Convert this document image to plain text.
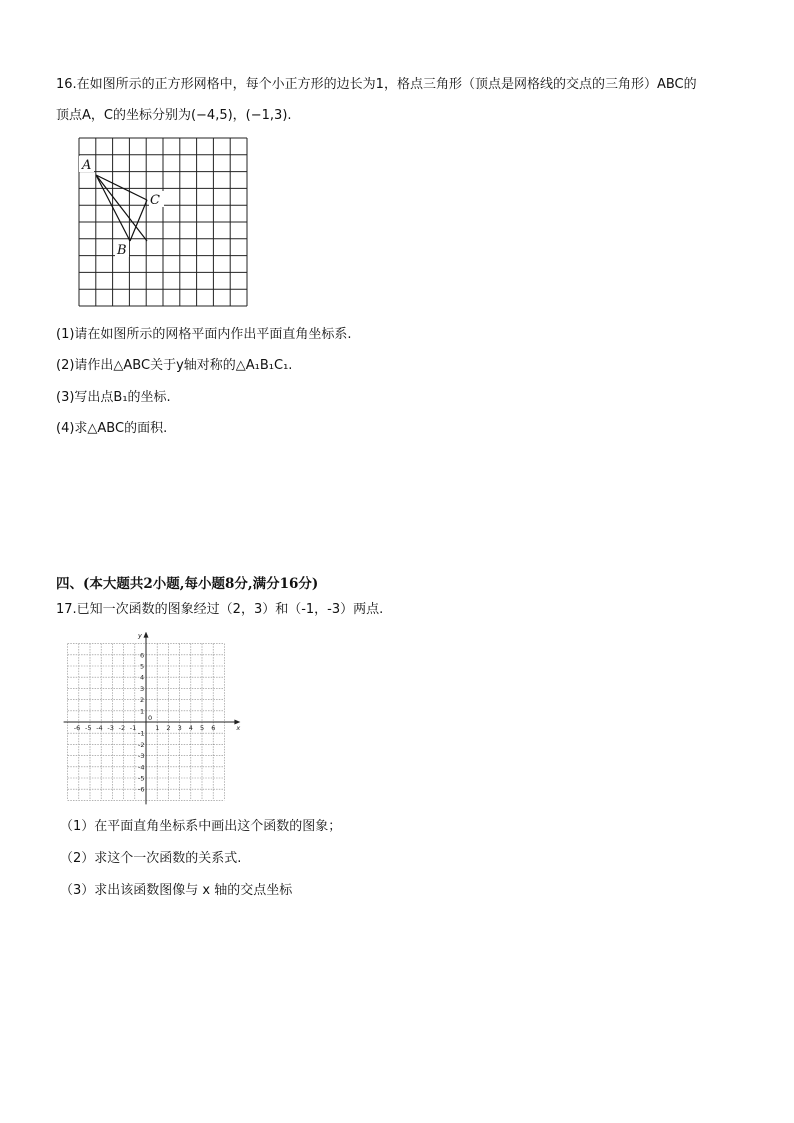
16.在如图所示的正方形网格中，每个小正方形的边长为1，格点三角形（顶点是网格线的交点的三角形）ABC的
顶点A，C的坐标分别为(−4,5)，(−1,3).
A
C
B
(1)请在如图所示的网格平面内作出平面直角坐标系.
(2)请作出△ABC关于y轴对称的△A₁B₁C₁.
(3)写出点B₁的坐标.
(4)求△ABC的面积.
四、(本大题共2小题,每小题8分,满分16分)
17.已知一次函数的图象经过（2，3）和（-1，-3）两点.
x
y
0
-6 -5 -4 -3 -2 -1	1 2 3 4 5 6
6
5
4
3
2
1
-1
-2
-3
-4
-5
-6
（1）在平面直角坐标系中画出这个函数的图象；
（2）求这个一次函数的关系式.
（3）求出该函数图像与 x 轴的交点坐标
